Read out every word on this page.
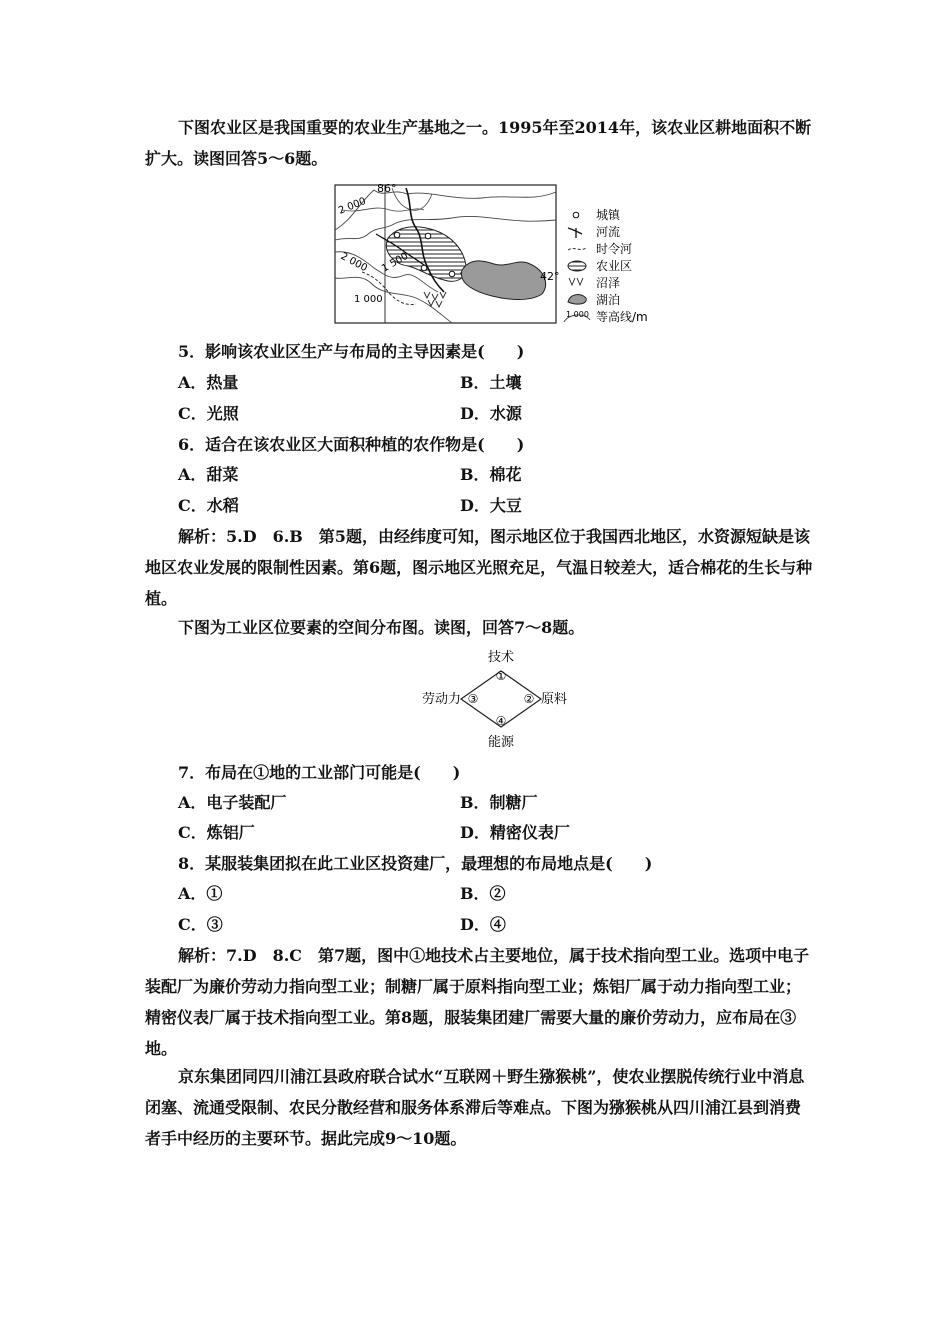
下图农业区是我国重要的农业生产基地之一。1995年至2014年，该农业区耕地面积不断扩大。读图回答5～6题。

86°
42°
2 000
2 000 1 500
1 000
城镇
河流
时令河
农业区
沼泽
湖泊
1 000 等高线/m
5．影响该农业区生产与布局的主导因素是(　　)
A．热量	B．土壤
C．光照	D．水源
6．适合在该农业区大面积种植的农作物是(　　)
A．甜菜	B．棉花
C．水稻	D．大豆

解析：5.D　6.B　第5题，由经纬度可知，图示地区位于我国西北地区，水资源短缺是该地区农业发展的限制性因素。第6题，图示地区光照充足，气温日较差大，适合棉花的生长与种植。

下图为工业区位要素的空间分布图。读图，回答7～8题。

技术
①
② 原料
③
劳动力
④
能源
7．布局在①地的工业部门可能是(　　)
A．电子装配厂	B．制糖厂
C．炼铝厂	D．精密仪表厂
8．某服装集团拟在此工业区投资建厂，最理想的布局地点是(　　)
A．①	B．②
C．③	D．④

解析：7.D　8.C　第7题，图中①地技术占主要地位，属于技术指向型工业。选项中电子装配厂为廉价劳动力指向型工业；制糖厂属于原料指向型工业；炼铝厂属于动力指向型工业；精密仪表厂属于技术指向型工业。第8题，服装集团建厂需要大量的廉价劳动力，应布局在③地。

京东集团同四川浦江县政府联合试水“互联网＋野生猕猴桃”，使农业摆脱传统行业中消息闭塞、流通受限制、农民分散经营和服务体系滞后等难点。下图为猕猴桃从四川浦江县到消费者手中经历的主要环节。据此完成9～10题。
